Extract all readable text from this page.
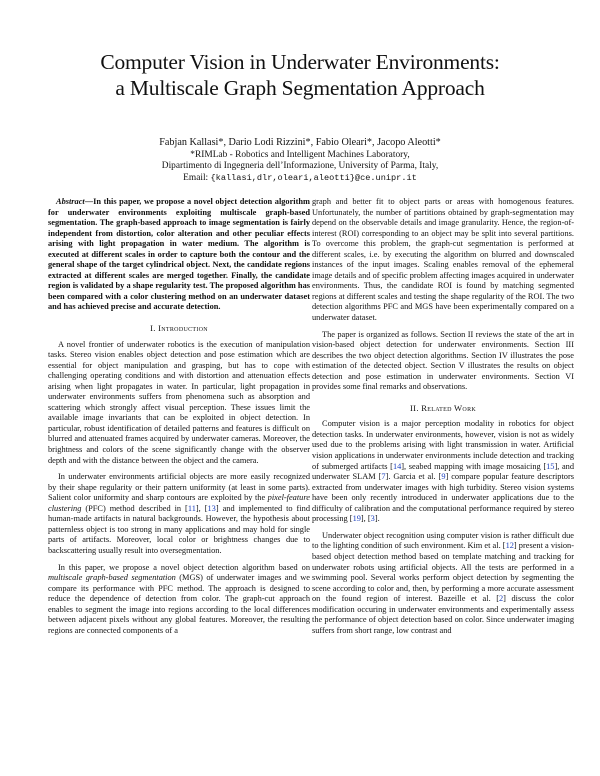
Computer Vision in Underwater Environments:
a Multiscale Graph Segmentation Approach
Fabjan Kallasi*, Dario Lodi Rizzini*, Fabio Oleari*, Jacopo Aleotti*
*RIMLab - Robotics and Intelligent Machines Laboratory,
Dipartimento di Ingegneria dell’Informazione, University of Parma, Italy,
Email: {kallasi,dlr,oleari,aleotti}@ce.unipr.it

Abstract—In this paper, we propose a novel object detection algorithm for underwater environments exploiting multiscale graph-based segmentation. The graph-based approach to image segmentation is fairly independent from distortion, color alteration and other peculiar effects arising with light propagation in water medium. The algorithm is executed at different scales in order to capture both the contour and the general shape of the target cylindrical object. Next, the candidate regions extracted at different scales are merged together. Finally, the candidate region is validated by a shape regularity test. The proposed algorithm has been compared with a color clustering method on an underwater dataset and has achieved precise and accurate detection.

I. Introduction

A novel frontier of underwater robotics is the execution of manipulation tasks. Stereo vision enables object detection and pose estimation which are essential for object manipulation and grasping, but has to cope with challenging operating conditions and with distortion and attenuation effects arising when light propagates in water. In particular, light propagation in underwater environments suffers from phenomena such as absorption and scattering which strongly affect visual perception. These issues limit the available image invariants that can be exploited in object detection. In particular, robust identification of detailed patterns and features is difficult on blurred and attenuated frames acquired by underwater cameras. Moreover, the brightness and colors of the scene significantly change with the observer depth and with the distance between the object and the camera.

In underwater environments artificial objects are more easily recognized by their shape regularity or their pattern uniformity (at least in some parts). Salient color uniformity and sharp contours are exploited by the pixel-feature clustering (PFC) method described in [11], [13] and implemented to find human-made artifacts in natural backgrounds. However, the hypothesis about patternless object is too strong in many applications and may hold for single parts of artifacts. Moreover, local color or brightness changes due to backscattering usually result into oversegmentation.

In this paper, we propose a novel object detection algorithm based on multiscale graph-based segmentation (MGS) of underwater images and we compare its performance with PFC method. The approach is designed to reduce the dependence of detection from color. The graph-cut approach enables to segment the image into regions according to the local differences between adjacent pixels without any global features. Moreover, the resulting regions are connected components of a

graph and better fit to object parts or areas with homogenous features. Unfortunately, the number of partitions obtained by graph-segmentation may depend on the observable details and image granularity. Hence, the region-of-interest (ROI) corresponding to an object may be split into several partitions. To overcome this problem, the graph-cut segmentation is performed at different scales, i.e. by executing the algorithm on blurred and downscaled instances of the input images. Scaling enables removal of the ephemeral image details and of specific problem affecting images acquired in underwater environments. Thus, the candidate ROI is found by matching segmented regions at different scales and testing the shape regularity of the ROI. The two detection algorithms PFC and MGS have been experimentally compared on a underwater dataset.

The paper is organized as follows. Section II reviews the state of the art in vision-based object detection for underwater environments. Section III describes the two object detection algorithms. Section IV illustrates the pose estimation of the detected object. Section V illustrates the results on object detection and pose estimation in underwater environments. Section VI provides some final remarks and observations.

II. Related Work

Computer vision is a major perception modality in robotics for object detection tasks. In underwater environments, however, vision is not as widely used due to the problems arising with light transmission in water. Artificial vision applications in underwater environments include detection and tracking of submerged artifacts [14], seabed mapping with image mosaicing [15], and underwater SLAM [7]. Garcia et al. [9] compare popular feature descriptors extracted from underwater images with high turbidity. Stereo vision systems have been only recently introduced in underwater applications due to the difficulty of calibration and the computational performance required by stereo processing [19], [3].

Underwater object recognition using computer vision is rather difficult due to the lighting condition of such environment. Kim et al. [12] present a vision-based object detection method based on template matching and tracking for underwater robots using artificial objects. All the tests are performed in a swimming pool. Several works perform object detection by segmenting the scene according to color and, then, by performing a more accurate assessment on the found region of interest. Bazeille et al. [2] discuss the color modification occuring in underwater environments and experimentally assess the performance of object detection based on color. Since underwater imaging suffers from short range, low contrast and
